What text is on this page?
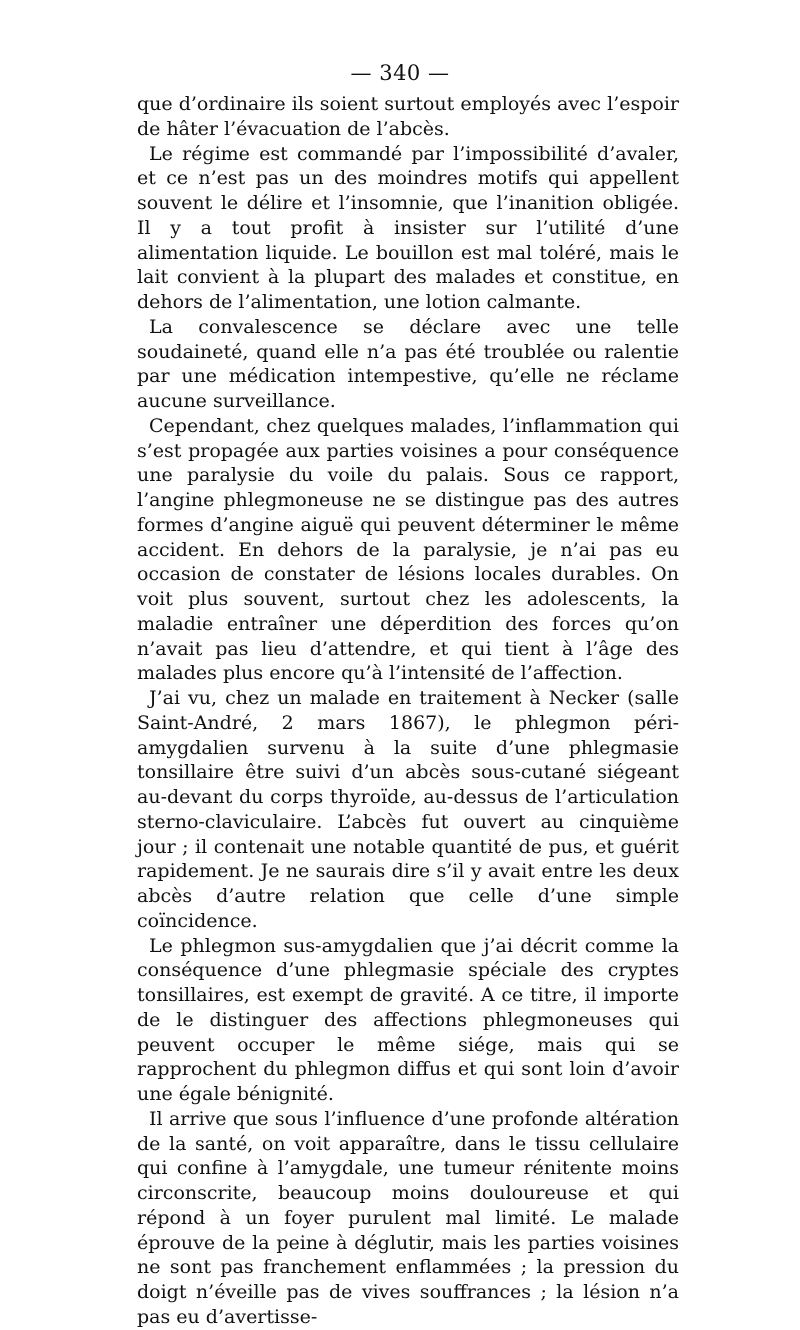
— 340 —

que d’ordinaire ils soient surtout employés avec l’espoir de hâter l’évacuation de l’abcès.

Le régime est commandé par l’impossibilité d’avaler, et ce n’est pas un des moindres motifs qui appellent souvent le délire et l’insomnie, que l’inanition obligée. Il y a tout profit à insister sur l’utilité d’une alimentation liquide. Le bouillon est mal toléré, mais le lait convient à la plupart des malades et constitue, en dehors de l’alimentation, une lotion calmante.

La convalescence se déclare avec une telle soudaineté, quand elle n’a pas été troublée ou ralentie par une médication intempestive, qu’elle ne réclame aucune surveillance.

Cependant, chez quelques malades, l’inflammation qui s’est propagée aux parties voisines a pour conséquence une paralysie du voile du palais. Sous ce rapport, l’angine phlegmoneuse ne se distingue pas des autres formes d’angine aiguë qui peuvent déterminer le même accident. En dehors de la paralysie, je n’ai pas eu occasion de constater de lésions locales durables. On voit plus souvent, surtout chez les adolescents, la maladie entraîner une déperdition des forces qu’on n’avait pas lieu d’attendre, et qui tient à l’âge des malades plus encore qu’à l’intensité de l’affection.

J’ai vu, chez un malade en traitement à Necker (salle Saint-André, 2 mars 1867), le phlegmon péri-amygdalien survenu à la suite d’une phlegmasie tonsillaire être suivi d’un abcès sous-cutané siégeant au-devant du corps thyroïde, au-dessus de l’articulation sterno-claviculaire. L’abcès fut ouvert au cinquième jour ; il contenait une notable quantité de pus, et guérit rapidement. Je ne saurais dire s’il y avait entre les deux abcès d’autre relation que celle d’une simple coïncidence.

Le phlegmon sus-amygdalien que j’ai décrit comme la conséquence d’une phlegmasie spéciale des cryptes tonsillaires, est exempt de gravité. A ce titre, il importe de le distinguer des affections phlegmoneuses qui peuvent occuper le même siége, mais qui se rapprochent du phlegmon diffus et qui sont loin d’avoir une égale bénignité.

Il arrive que sous l’influence d’une profonde altération de la santé, on voit apparaître, dans le tissu cellulaire qui confine à l’amygdale, une tumeur rénitente moins circonscrite, beaucoup moins douloureuse et qui répond à un foyer purulent mal limité. Le malade éprouve de la peine à déglutir, mais les parties voisines ne sont pas franchement enflammées ; la pression du doigt n’éveille pas de vives souffrances ; la lésion n’a pas eu d’avertisse-
